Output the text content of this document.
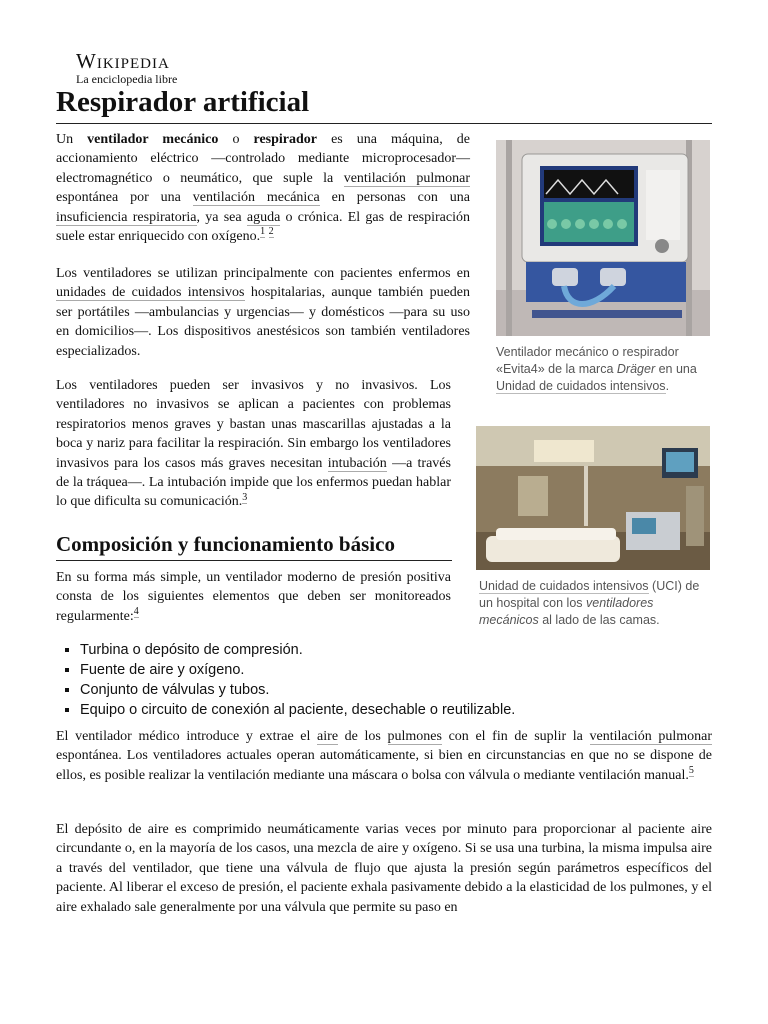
Wikipedia
La enciclopedia libre
Respirador artificial

Un ventilador mecánico o respirador es una máquina, de accionamiento eléctrico —controlado mediante microprocesador— electromagnético o neumático, que suple la ventilación pulmonar espontánea por una ventilación mecánica en personas con una insuficiencia respiratoria, ya sea aguda o crónica. El gas de respiración suele estar enriquecido con oxígeno.$^1$ $^2$

Los ventiladores se utilizan principalmente con pacientes enfermos en unidades de cuidados intensivos hospitalarias, aunque también pueden ser portátiles —ambulancias y urgencias— y domésticos —para su uso en domicilios—. Los dispositivos anestésicos son también ventiladores especializados.

Los ventiladores pueden ser invasivos y no invasivos. Los ventiladores no invasivos se aplican a pacientes con problemas respiratorios menos graves y bastan unas mascarillas ajustadas a la boca y nariz para facilitar la respiración. Sin embargo los ventiladores invasivos para los casos más graves necesitan intubación —a través de la tráquea—. La intubación impide que los enfermos puedan hablar lo que dificulta su comunicación.$^3$

Ventilador mecánico o respirador «Evita4» de la marca Dräger en una Unidad de cuidados intensivos.
Unidad de cuidados intensivos (UCI) de un hospital con los ventiladores mecánicos al lado de las camas.
Composición y funcionamiento básico

En su forma más simple, un ventilador moderno de presión positiva consta de los siguientes elementos que deben ser monitoreados regularmente:$^4$

▪ Turbina o depósito de compresión.
▪ Fuente de aire y oxígeno.
▪ Conjunto de válvulas y tubos.
▪ Equipo o circuito de conexión al paciente, desechable o reutilizable.

El ventilador médico introduce y extrae el aire de los pulmones con el fin de suplir la ventilación pulmonar espontánea. Los ventiladores actuales operan automáticamente, si bien en circunstancias en que no se dispone de ellos, es posible realizar la ventilación mediante una máscara o bolsa con válvula o mediante ventilación manual.$^5$

El depósito de aire es comprimido neumáticamente varias veces por minuto para proporcionar al paciente aire circundante o, en la mayoría de los casos, una mezcla de aire y oxígeno. Si se usa una turbina, la misma impulsa aire a través del ventilador, que tiene una válvula de flujo que ajusta la presión según parámetros específicos del paciente. Al liberar el exceso de presión, el paciente exhala pasivamente debido a la elasticidad de los pulmones, y el aire exhalado sale generalmente por una válvula que permite su paso en
